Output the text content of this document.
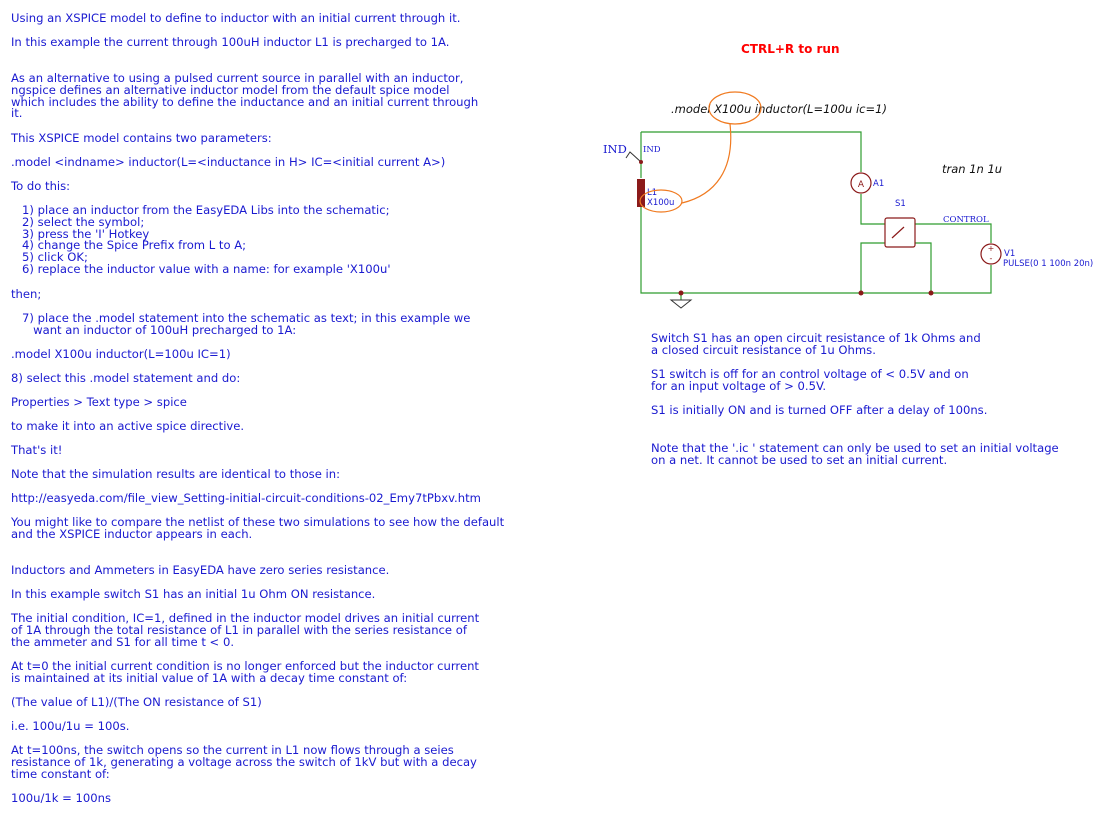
Using an XSPICE model to define to inductor with an initial current through it.

In this example the current through 100uH inductor L1 is precharged to 1A.

As an alternative to using a pulsed current source in parallel with an inductor,
ngspice defines an alternative inductor model from the default spice model
which includes the ability to define the inductance and an initial current through
it.

This XSPICE model contains two parameters:

.model <indname> inductor(L=<inductance in H> IC=<initial current A>)

To do this:

1) place an inductor from the EasyEDA Libs into the schematic;
2) select the symbol;
3) press the 'I' Hotkey
4) change the Spice Prefix from L to A;
5) click OK;
6) replace the inductor value with a name: for example 'X100u'

then;

7) place the .model statement into the schematic as text; in this example we
want an inductor of 100uH precharged to 1A:

.model X100u inductor(L=100u IC=1)

8) select this .model statement and do:

Properties > Text type > spice

to make it into an active spice directive.

That's it!

Note that the simulation results are identical to those in:

http://easyeda.com/file_view_Setting-initial-circuit-conditions-02_Emy7tPbxv.htm

You might like to compare the netlist of these two simulations to see how the default
and the XSPICE inductor appears in each.

Inductors and Ammeters in EasyEDA have zero series resistance.

In this example switch S1 has an initial 1u Ohm ON resistance.

The initial condition, IC=1, defined in the inductor model drives an initial current
of 1A through the total resistance of L1 in parallel with the series resistance of
the ammeter and S1 for all time t < 0.

At t=0 the initial current condition is no longer enforced but the inductor current
is maintained at its initial value of 1A with a decay time constant of:

(The value of L1)/(The ON resistance of S1)

i.e. 100u/1u = 100s.

At t=100ns, the switch opens so the current in L1 now flows through a seies
resistance of 1k, generating a voltage across the switch of 1kV but with a decay
time constant of:

100u/1k = 100ns

CTRL+R to run

Switch S1 has an open circuit resistance of 1k Ohms and
a closed circuit resistance of 1u Ohms.

S1 switch is off for an control voltage of < 0.5V and on
for an input voltage of > 0.5V.

S1 is initially ON and is turned OFF after a delay of 100ns.

Note that the '.ic ' statement can only be used to set an initial voltage
on a net. It cannot be used to set an initial current.

IND IND
L1
X100u
A A1
S1
CONTROL
+
- V1
PULSE(0 1 100n 20n)
.model X100u inductor(L=100u ic=1)
tran 1n 1u
